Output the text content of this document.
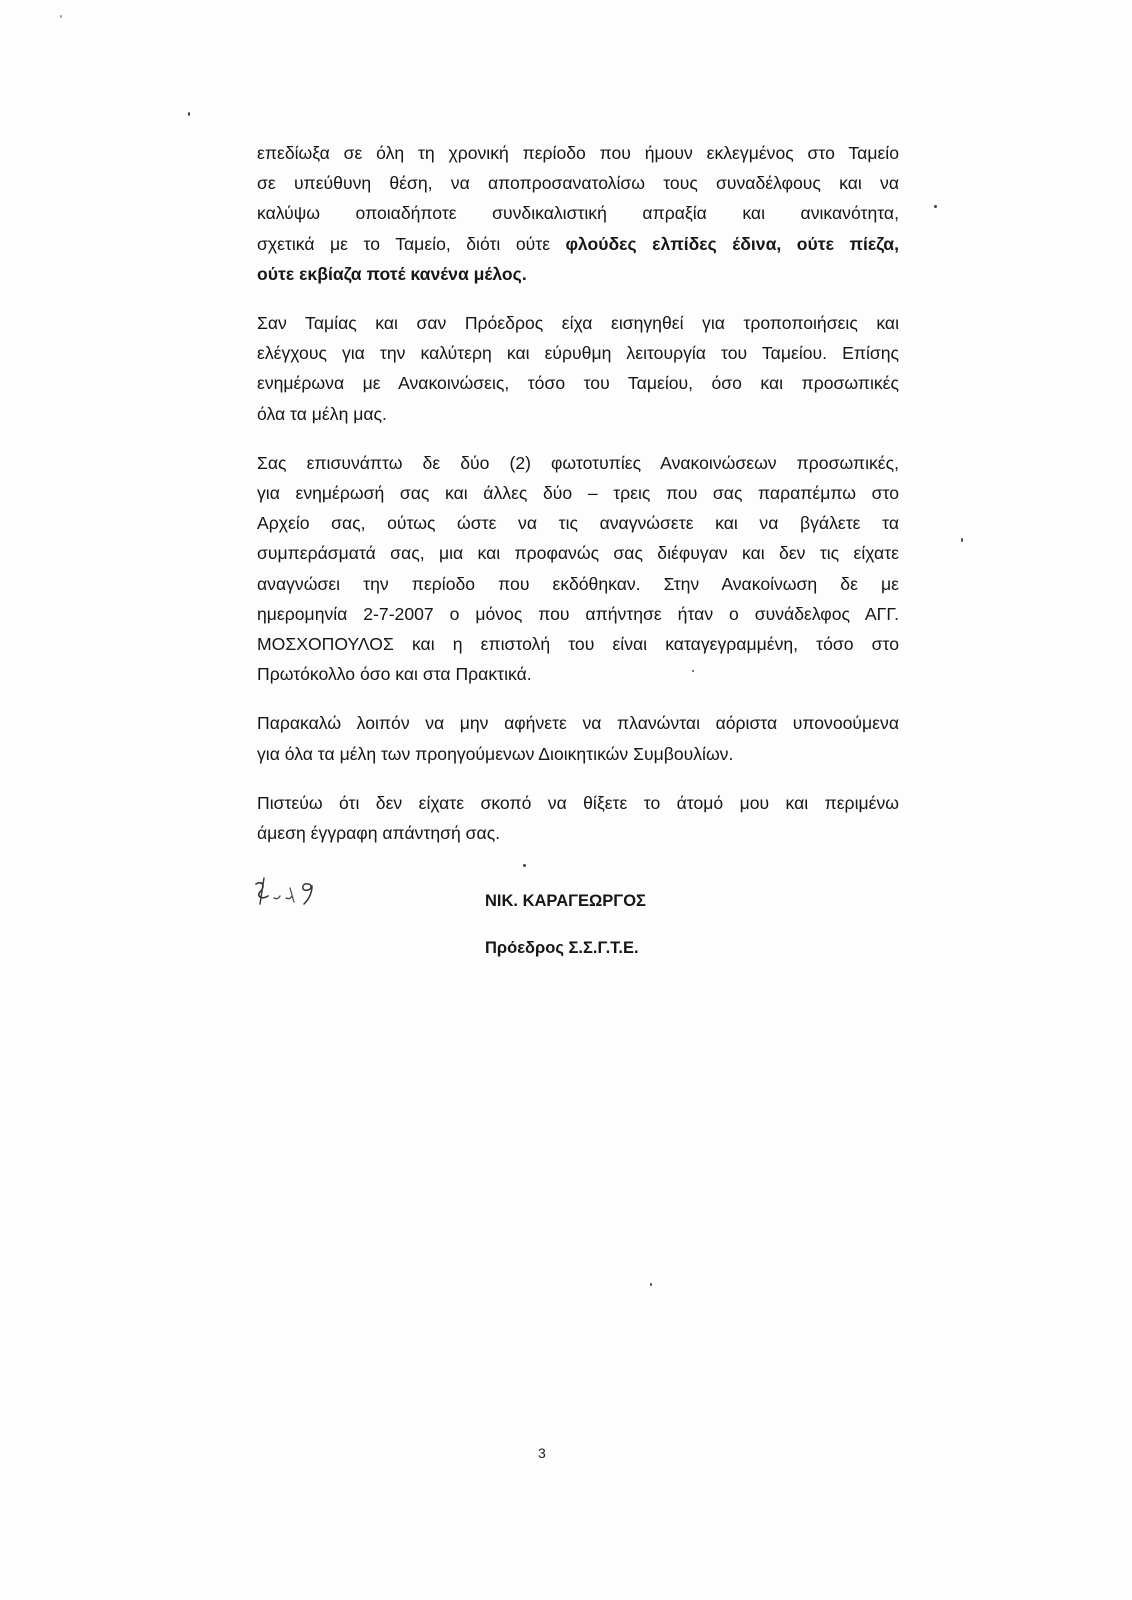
επεδίωξα σε όλη τη χρονική περίοδο που ήμουν εκλεγμένος στο Ταμείο
σε υπεύθυνη θέση, να αποπροσανατολίσω τους συναδέλφους και να
καλύψω οποιαδήποτε συνδικαλιστική απραξία και ανικανότητα,
σχετικά με το Ταμείο, διότι ούτε φλούδες ελπίδες έδινα, ούτε πίεζα,
ούτε εκβίαζα ποτέ κανένα μέλος.
Σαν Ταμίας και σαν Πρόεδρος είχα εισηγηθεί για τροποποιήσεις και
ελέγχους για την καλύτερη και εύρυθμη λειτουργία του Ταμείου. Επίσης
ενημέρωνα με Ανακοινώσεις, τόσο του Ταμείου, όσο και προσωπικές
όλα τα μέλη μας.
Σας επισυνάπτω δε δύο (2) φωτοτυπίες Ανακοινώσεων προσωπικές,
για ενημέρωσή σας και άλλες δύο – τρεις που σας παραπέμπω στο
Αρχείο σας, ούτως ώστε να τις αναγνώσετε και να βγάλετε τα
συμπεράσματά σας, μια και προφανώς σας διέφυγαν και δεν τις είχατε
αναγνώσει την περίοδο που εκδόθηκαν. Στην Ανακοίνωση δε με
ημερομηνία 2-7-2007 ο μόνος που απήντησε ήταν ο συνάδελφος ΑΓΓ.
ΜΟΣΧΟΠΟΥΛΟΣ και η επιστολή του είναι καταγεγραμμένη, τόσο στο
Πρωτόκολλο όσο και στα Πρακτικά.
Παρακαλώ λοιπόν να μην αφήνετε να πλανώνται αόριστα υπονοούμενα
για όλα τα μέλη των προηγούμενων Διοικητικών Συμβουλίων.
Πιστεύω ότι δεν είχατε σκοπό να θίξετε το άτομό μου και περιμένω
άμεση έγγραφη απάντησή σας.
ΝΙΚ. ΚΑΡΑΓΕΩΡΓΟΣ
Πρόεδρος Σ.Σ.Γ.Τ.Ε.
3
